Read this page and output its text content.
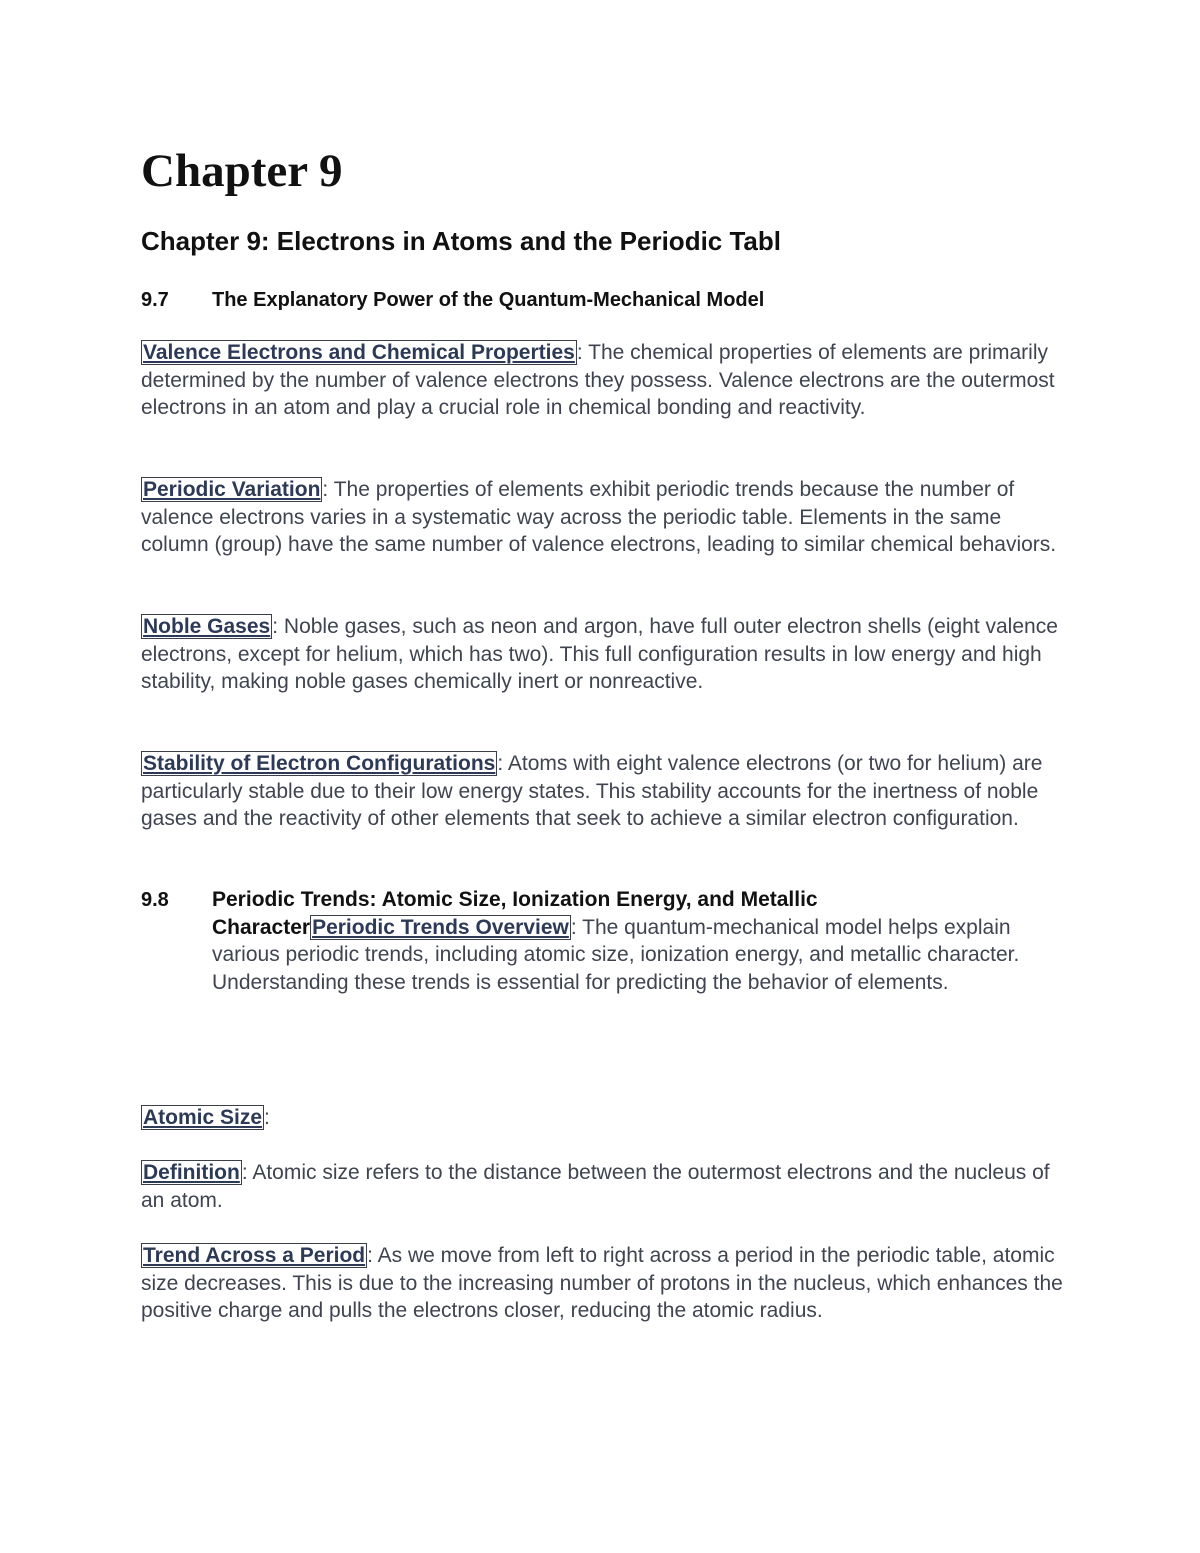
Chapter 9
Chapter 9: Electrons in Atoms and the Periodic Tabl
9.7 The Explanatory Power of the Quantum-Mechanical Model

Valence Electrons and Chemical Properties: The chemical properties of elements are primarily determined by the number of valence electrons they possess. Valence electrons are the outermost electrons in an atom and play a crucial role in chemical bonding and reactivity.

Periodic Variation: The properties of elements exhibit periodic trends because the number of valence electrons varies in a systematic way across the periodic table. Elements in the same column (group) have the same number of valence electrons, leading to similar chemical behaviors.

Noble Gases: Noble gases, such as neon and argon, have full outer electron shells (eight valence electrons, except for helium, which has two). This full configuration results in low energy and high stability, making noble gases chemically inert or nonreactive.

Stability of Electron Configurations: Atoms with eight valence electrons (or two for helium) are particularly stable due to their low energy states. This stability accounts for the inertness of noble gases and the reactivity of other elements that seek to achieve a similar electron configuration.

9.8 Periodic Trends: Atomic Size, Ionization Energy, and Metallic
CharacterPeriodic Trends Overview: The quantum-mechanical model helps explain various periodic trends, including atomic size, ionization energy, and metallic character. Understanding these trends is essential for predicting the behavior of elements.

Atomic Size:

Definition: Atomic size refers to the distance between the outermost electrons and the nucleus of an atom.

Trend Across a Period: As we move from left to right across a period in the periodic table, atomic size decreases. This is due to the increasing number of protons in the nucleus, which enhances the positive charge and pulls the electrons closer, reducing the atomic radius.
